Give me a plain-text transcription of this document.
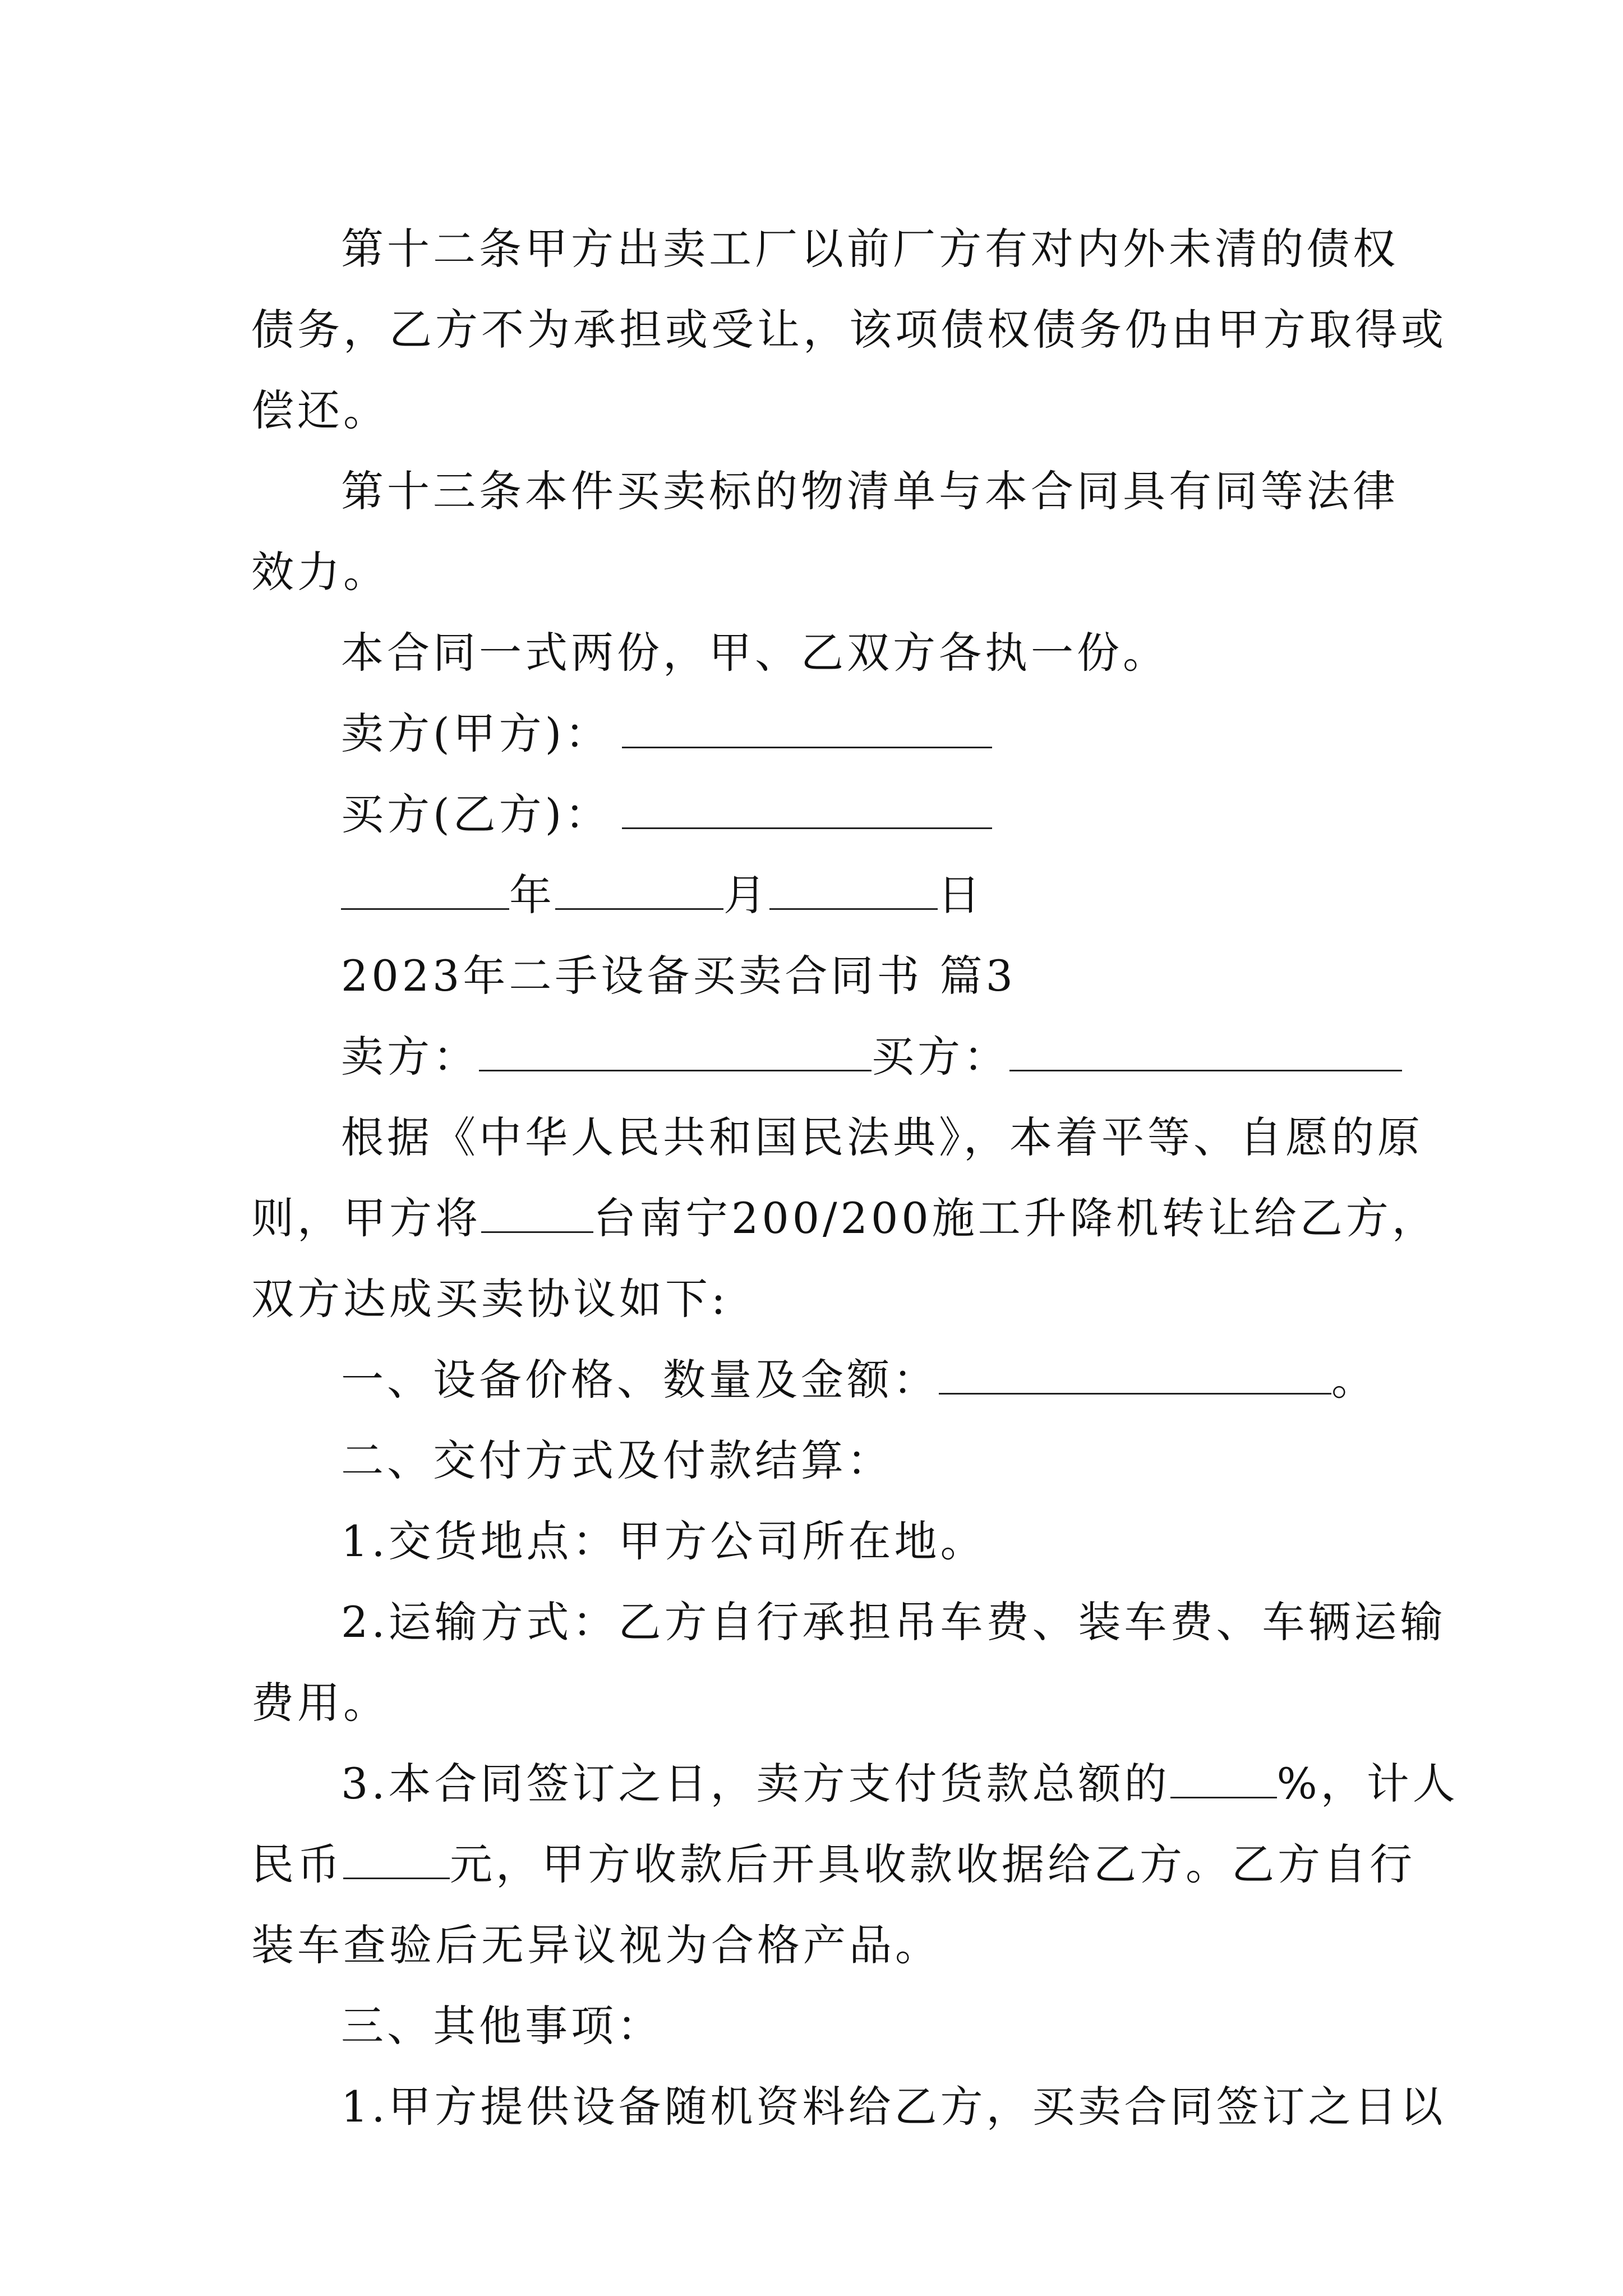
第十二条甲方出卖工厂以前厂方有对内外未清的债权

债务，乙方不为承担或受让，该项债权债务仍由甲方取得或

偿还。

第十三条本件买卖标的物清单与本合同具有同等法律

效力。

本合同一式两份，甲、乙双方各执一份。

卖方(甲方)：

买方(乙方)：

年	月	日

2023年二手设备买卖合同书 篇3

卖方：	买方：

根据《中华人民共和国民法典》，本着平等、自愿的原

则，甲方将	台南宁200/200施工升降机转让给乙方，

双方达成买卖协议如下:

一、设备价格、数量及金额：	。

二、交付方式及付款结算：

1.交货地点：甲方公司所在地。

2.运输方式：乙方自行承担吊车费、装车费、车辆运输

费用。

3.本合同签订之日，卖方支付货款总额的	%，计人

民币	元，甲方收款后开具收款收据给乙方。乙方自行

装车查验后无异议视为合格产品。

三、其他事项：

1.甲方提供设备随机资料给乙方，买卖合同签订之日以
